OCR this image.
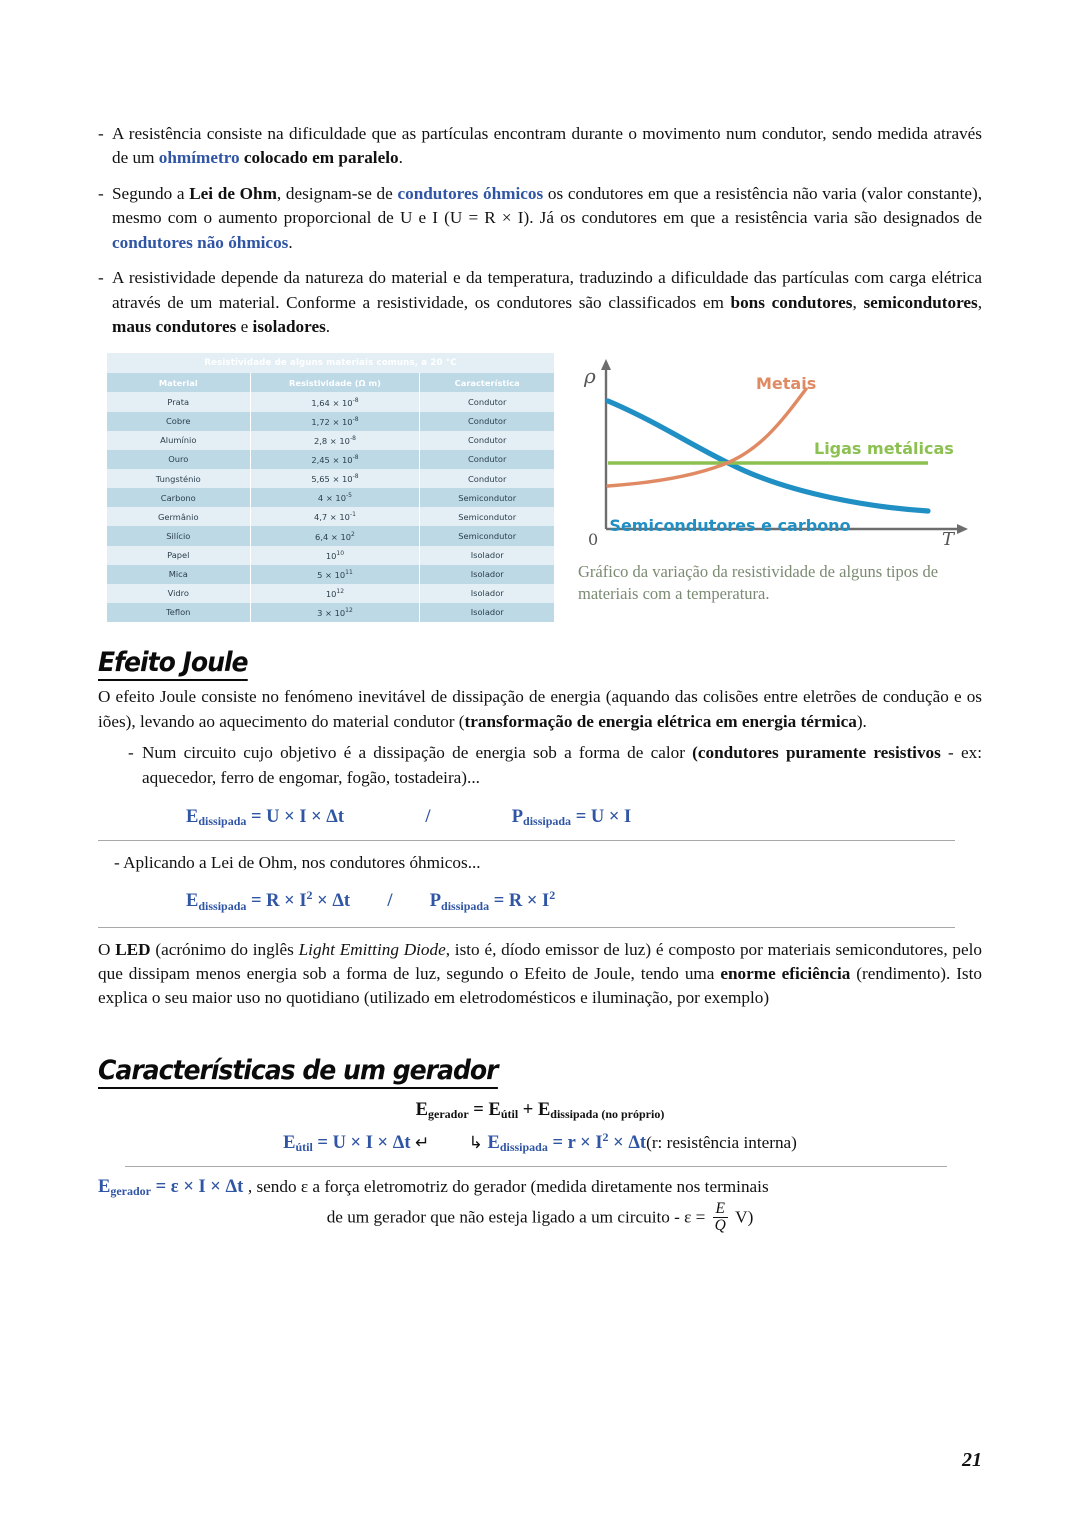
- A resistência consiste na dificuldade que as partículas encontram durante o movimento num condutor, sendo medida através de um ohmímetro colocado em paralelo.
- Segundo a Lei de Ohm, designam-se de condutores óhmicos os condutores em que a resistência não varia (valor constante), mesmo com o aumento proporcional de U e I (U = R × I). Já os condutores em que a resistência varia são designados de condutores não óhmicos.
- A resistividade depende da natureza do material e da temperatura, traduzindo a dificuldade das partículas com carga elétrica através de um material. Conforme a resistividade, os condutores são classificados em bons condutores, semicondutores, maus condutores e isoladores.
Resistividade de alguns materiais comuns, a 20 °C		
Material	Resistividade (Ω m)	Característica
Prata	$1,64 \times 10^{-8}$	Condutor
Cobre	$1,72 \times 10^{-8}$	Condutor
Alumínio	$2,8 \times 10^{-8}$	Condutor
Ouro	$2,45 \times 10^{-8}$	Condutor
Tungsténio	$5,65 \times 10^{-8}$	Condutor
Carbono	$4 \times 10^{-5}$	Semicondutor
Germânio	$4,7 \times 10^{-1}$	Semicondutor
Silício	$6,4 \times 10^2$	Semicondutor
Papel	$10^{10}$	Isolador
Mica	$5 \times 10^{11}$	Isolador
Vidro	$10^{12}$	Isolador
Teflon	$3 \times 10^{12}$	Isolador
ρ
T
0
Metais
Ligas metálicas
Semicondutores e carbono
Gráfico da variação da resistividade de alguns tipos de materiais com a temperatura.
Efeito Joule
O efeito Joule consiste no fenómeno inevitável de dissipação de energia (aquando das colisões entre eletrões de condução e os iões), levando ao aquecimento do material condutor (transformação de energia elétrica em energia térmica).
- Num circuito cujo objetivo é a dissipação de energia sob a forma de calor (condutores puramente resistivos - ex: aquecedor, ferro de engomar, fogão, tostadeira)...
$E_{dissipada} = U \times I \times \Delta t$	/	$P_{dissipada} = U \times I$
- Aplicando a Lei de Ohm, nos condutores óhmicos...
$E_{dissipada} = R \times I^2 \times \Delta t / P_{dissipada} = R \times I^2$
O LED (acrónimo do inglês Light Emitting Diode, isto é, díodo emissor de luz) é composto por materiais semicondutores, pelo que dissipam menos energia sob a forma de luz, segundo o Efeito de Joule, tendo uma enorme eficiência (rendimento). Isto explica o seu maior uso no quotidiano (utilizado em eletrodomésticos e iluminação, por exemplo)
Características de um gerador
$E_{gerador} = E_{útil} + E_{dissipada (no próprio)}$
$E_{útil} = U \times I \times \Delta t$ ↵ ↳ $E_{dissipada} = r \times I^2 \times \Delta t(r$: resistência interna)
$E_{gerador} = \varepsilon \times I \times \Delta t$ , sendo ε a força eletromotriz do gerador (medida diretamente nos terminais
de um gerador que não esteja ligado a um circuito - $\varepsilon = \frac{E}{Q} V$)
21
